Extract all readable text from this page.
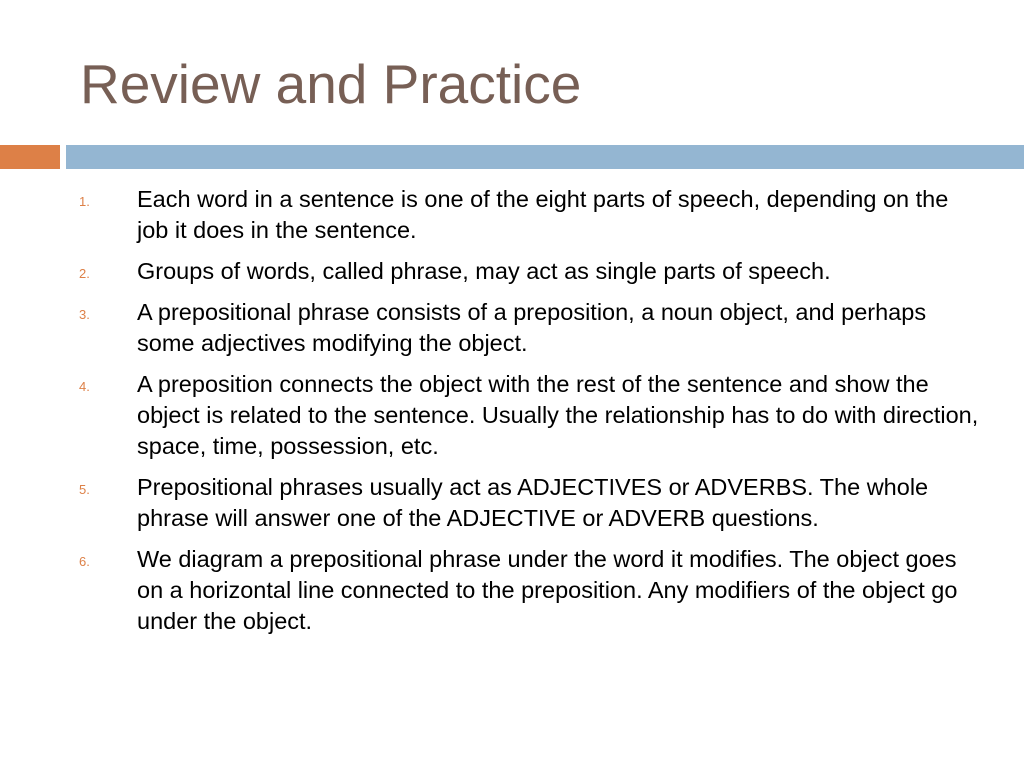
Review and Practice
1. Each word in a sentence is one of the eight parts of speech, depending on the job it does in the sentence.
2. Groups of words, called phrase, may act as single parts of speech.
3. A prepositional phrase consists of a preposition, a noun object, and perhaps some adjectives modifying the object.
4. A preposition connects the object with the rest of the sentence and show the object is related to the sentence. Usually the relationship has to do with direction, space, time, possession, etc.
5. Prepositional phrases usually act as ADJECTIVES or ADVERBS. The whole phrase will answer one of the ADJECTIVE or ADVERB questions.
6. We diagram a prepositional phrase under the word it modifies. The object goes on a horizontal line connected to the preposition. Any modifiers of the object go under the object.
